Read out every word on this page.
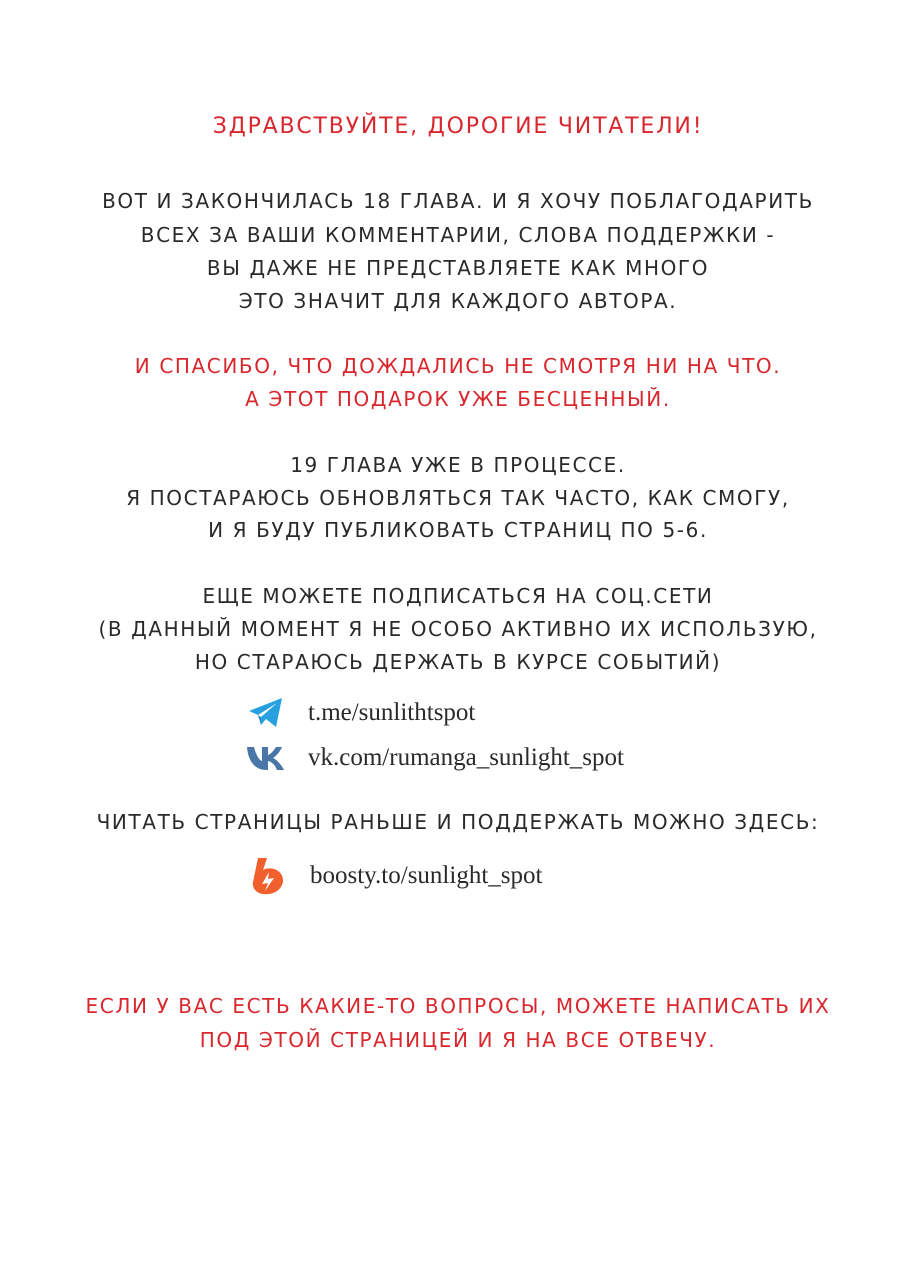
ЗДРАВСТВУЙТЕ, ДОРОГИЕ ЧИТАТЕЛИ!
ВОТ И ЗАКОНЧИЛАСЬ 18 ГЛАВА. И Я ХОЧУ ПОБЛАГОДАРИТЬ
ВСЕХ ЗА ВАШИ КОММЕНТАРИИ, СЛОВА ПОДДЕРЖКИ -
ВЫ ДАЖЕ НЕ ПРЕДСТАВЛЯЕТЕ КАК МНОГО
ЭТО ЗНАЧИТ ДЛЯ КАЖДОГО АВТОРА.
И СПАСИБО, ЧТО ДОЖДАЛИСЬ НЕ СМОТРЯ НИ НА ЧТО.
А ЭТОТ ПОДАРОК УЖЕ БЕСЦЕННЫЙ.
19 ГЛАВА УЖЕ В ПРОЦЕССЕ.
Я ПОСТАРАЮСЬ ОБНОВЛЯТЬСЯ ТАК ЧАСТО, КАК СМОГУ,
И Я БУДУ ПУБЛИКОВАТЬ СТРАНИЦ ПО 5-6.
ЕЩЕ МОЖЕТЕ ПОДПИСАТЬСЯ НА СОЦ.СЕТИ
(В ДАННЫЙ МОМЕНТ Я НЕ ОСОБО АКТИВНО ИХ ИСПОЛЬЗУЮ,
НО СТАРАЮСЬ ДЕРЖАТЬ В КУРСЕ СОБЫТИЙ)
t.me/sunlithtspot
vk.com/rumanga_sunlight_spot
ЧИТАТЬ СТРАНИЦЫ РАНЬШЕ И ПОДДЕРЖАТЬ МОЖНО ЗДЕСЬ:
boosty.to/sunlight_spot
ЕСЛИ У ВАС ЕСТЬ КАКИЕ-ТО ВОПРОСЫ, МОЖЕТЕ НАПИСАТЬ ИХ
ПОД ЭТОЙ СТРАНИЦЕЙ И Я НА ВСЕ ОТВЕЧУ.
